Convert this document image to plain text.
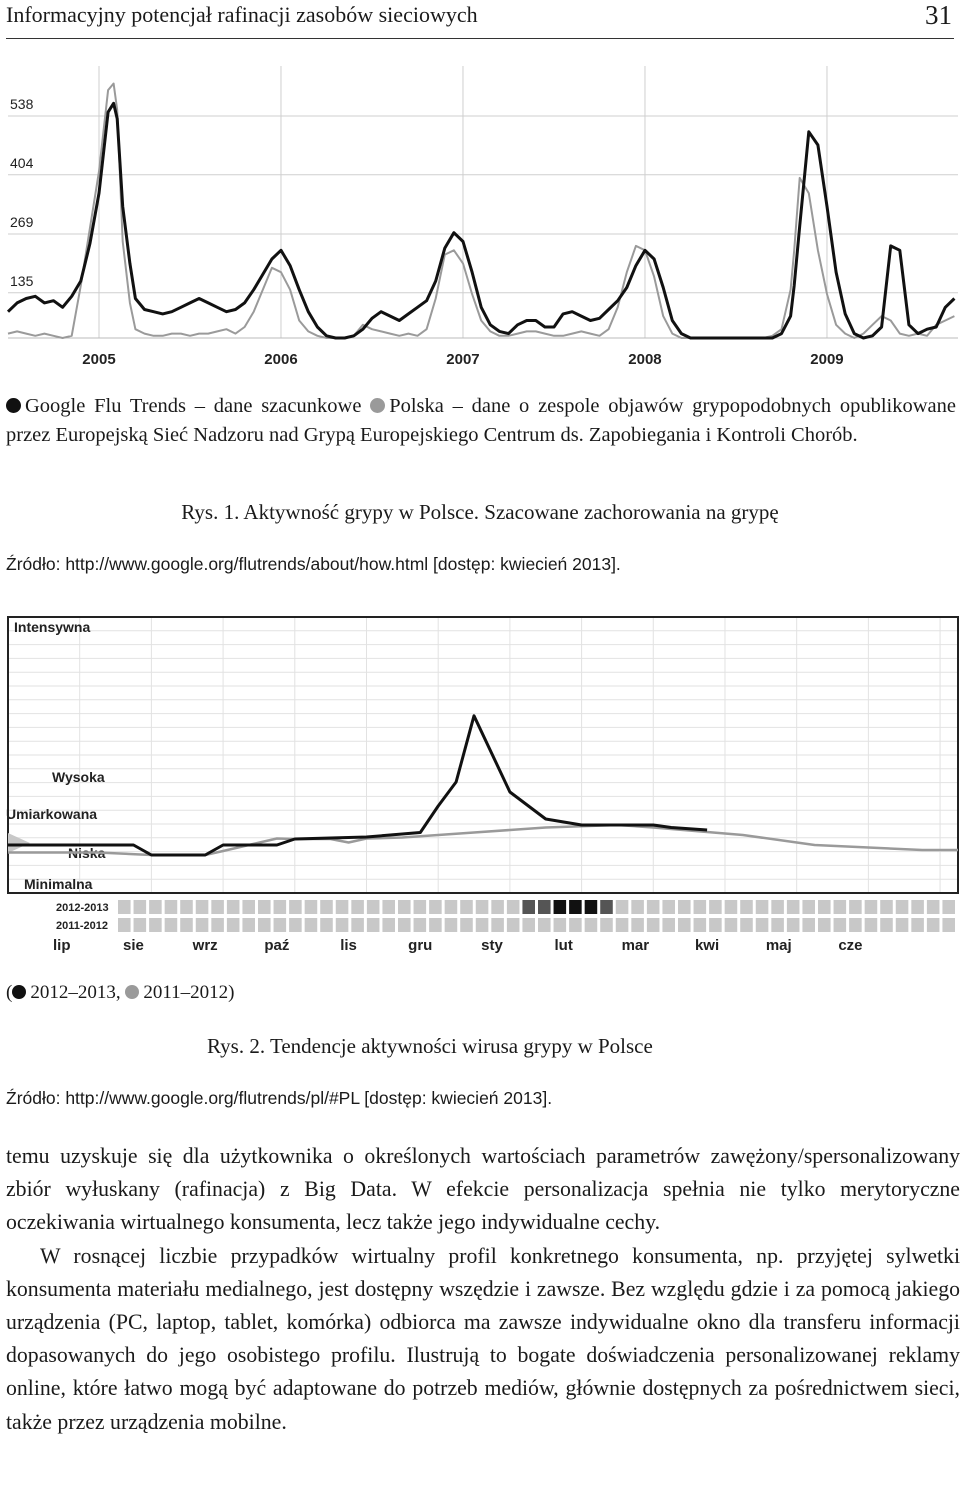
Informacyjny potencjał rafinacji zasobów sieciowych	31
135
269
404
538
2005	2006	2007	2008	2009
Google Flu Trends – dane szacunkowe Polska – dane o zespole objawów grypopodobnych opublikowane przez Europejską Sieć Nadzoru nad Grypą Europejskiego Centrum ds. Zapobiegania i Kontroli Chorób.
Rys. 1. Aktywność grypy w Polsce. Szacowane zachorowania na grypę
Źródło: http://www.google.org/flutrends/about/how.html [dostęp: kwiecień 2013].
Intensywna
Wysoka
Umiarkowana
Niska
Minimalna
2012-2013
2011-2012
lip	sie	wrz	paź	lis	gru	sty	lut	mar	kwi	maj	cze
( 2012–2013, 2011–2012)
Rys. 2. Tendencje aktywności wirusa grypy w Polsce
Źródło: http://www.google.org/flutrends/pl/#PL [dostęp: kwiecień 2013].

temu uzyskuje się dla użytkownika o określonych wartościach parametrów zawężony/spersonalizowany zbiór wyłuskany (rafinacja) z Big Data. W efekcie personalizacja spełnia nie tylko merytoryczne oczekiwania wirtualnego konsumenta, lecz także jego indywidualne cechy.

W rosnącej liczbie przypadków wirtualny profil konkretnego konsumenta, np. przyjętej sylwetki konsumenta materiału medialnego, jest dostępny wszędzie i zawsze. Bez względu gdzie i za pomocą jakiego urządzenia (PC, laptop, tablet, komórka) odbiorca ma zawsze indywidualne okno dla transferu informacji dopasowanych do jego osobistego profilu. Ilustrują to bogate doświadczenia personalizowanej reklamy online, które łatwo mogą być adaptowane do potrzeb mediów, głównie dostępnych za pośrednictwem sieci, także przez urządzenia mobilne.
